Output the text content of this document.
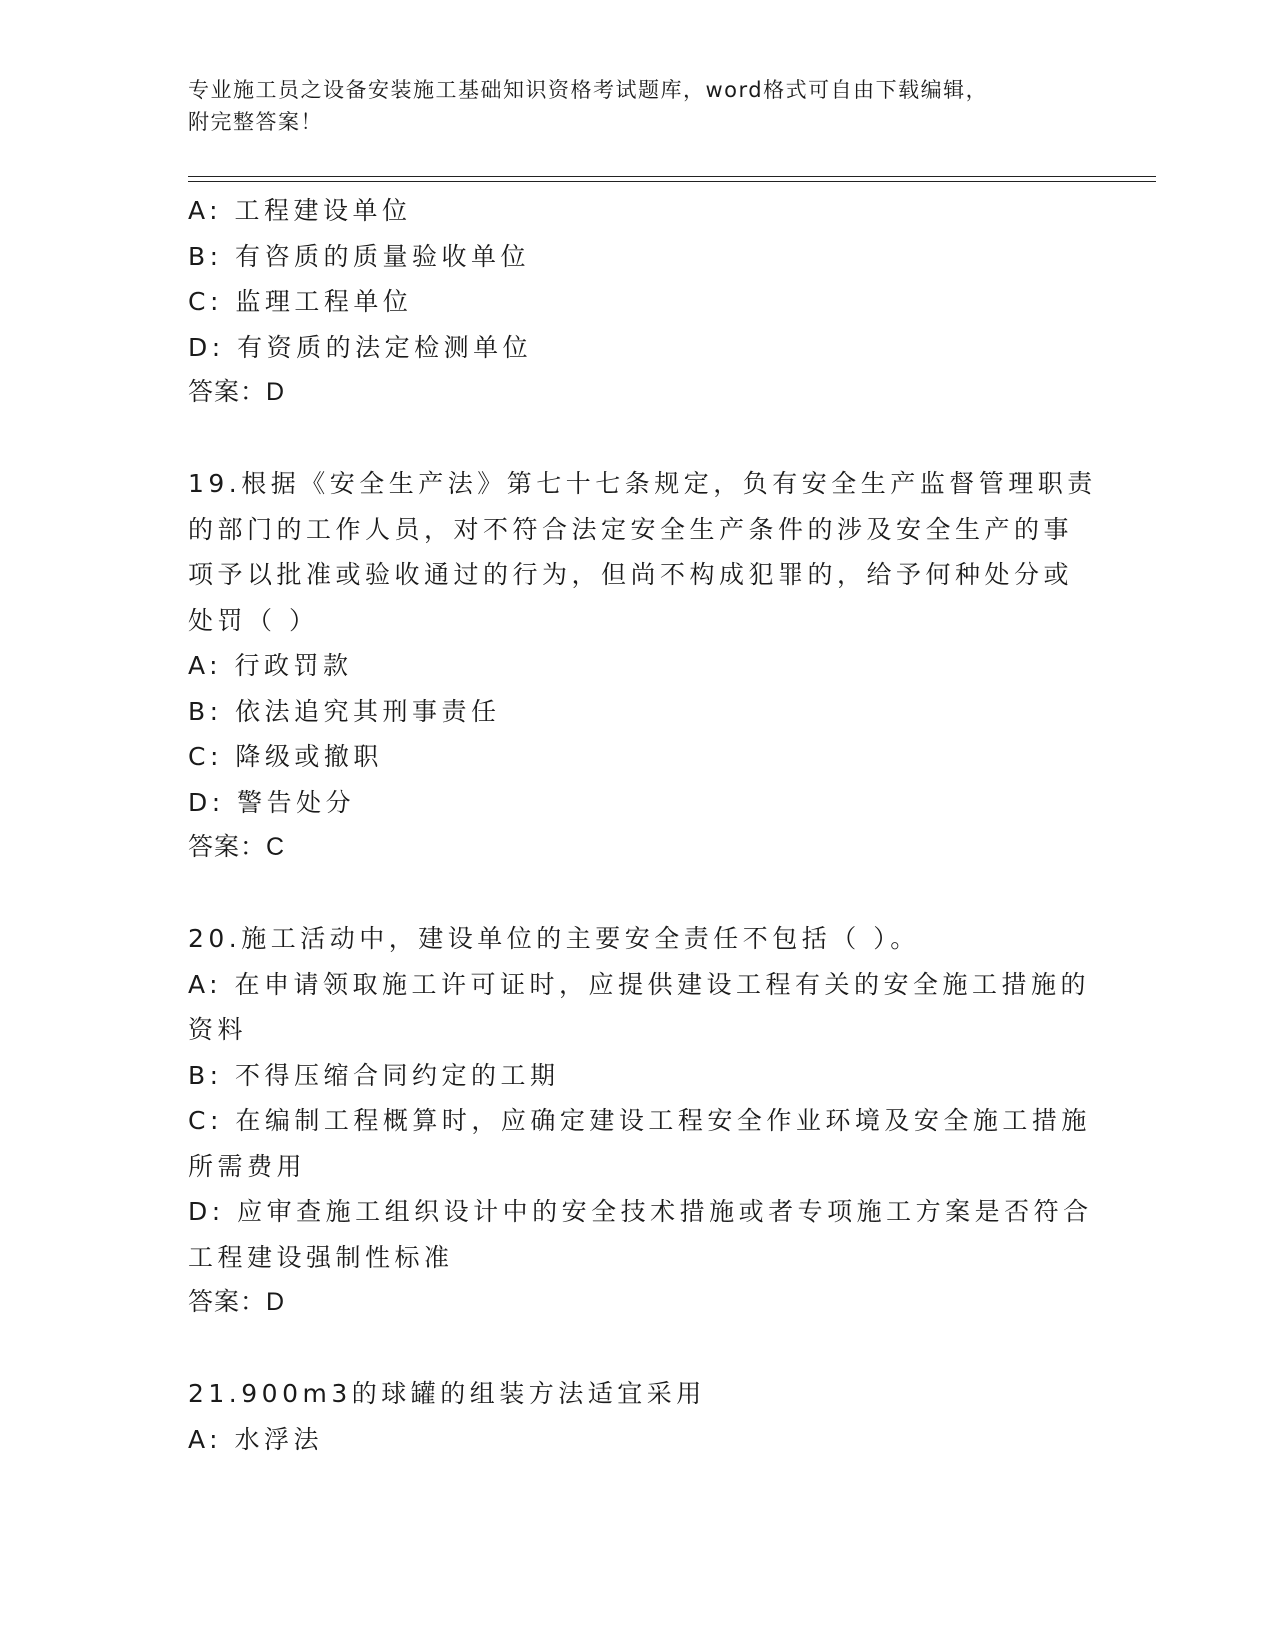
专业施工员之设备安装施工基础知识资格考试题库，word格式可自由下载编辑，
附完整答案！
A: 工程建设单位
B: 有咨质的质量验收单位
C: 监理工程单位
D: 有资质的法定检测单位
答案：D
19.根据《安全生产法》第七十七条规定，负有安全生产监督管理职责
的部门的工作人员，对不符合法定安全生产条件的涉及安全生产的事
项予以批准或验收通过的行为，但尚不构成犯罪的，给予何种处分或
处罚（ ）
A: 行政罚款
B: 依法追究其刑事责任
C: 降级或撤职
D: 警告处分
答案：C
20.施工活动中，建设单位的主要安全责任不包括（ ）。
A: 在申请领取施工许可证时，应提供建设工程有关的安全施工措施的
资料
B: 不得压缩合同约定的工期
C: 在编制工程概算时，应确定建设工程安全作业环境及安全施工措施
所需费用
D: 应审查施工组织设计中的安全技术措施或者专项施工方案是否符合
工程建设强制性标准
答案：D
21.900m3的球罐的组装方法适宜采用
A: 水浮法
